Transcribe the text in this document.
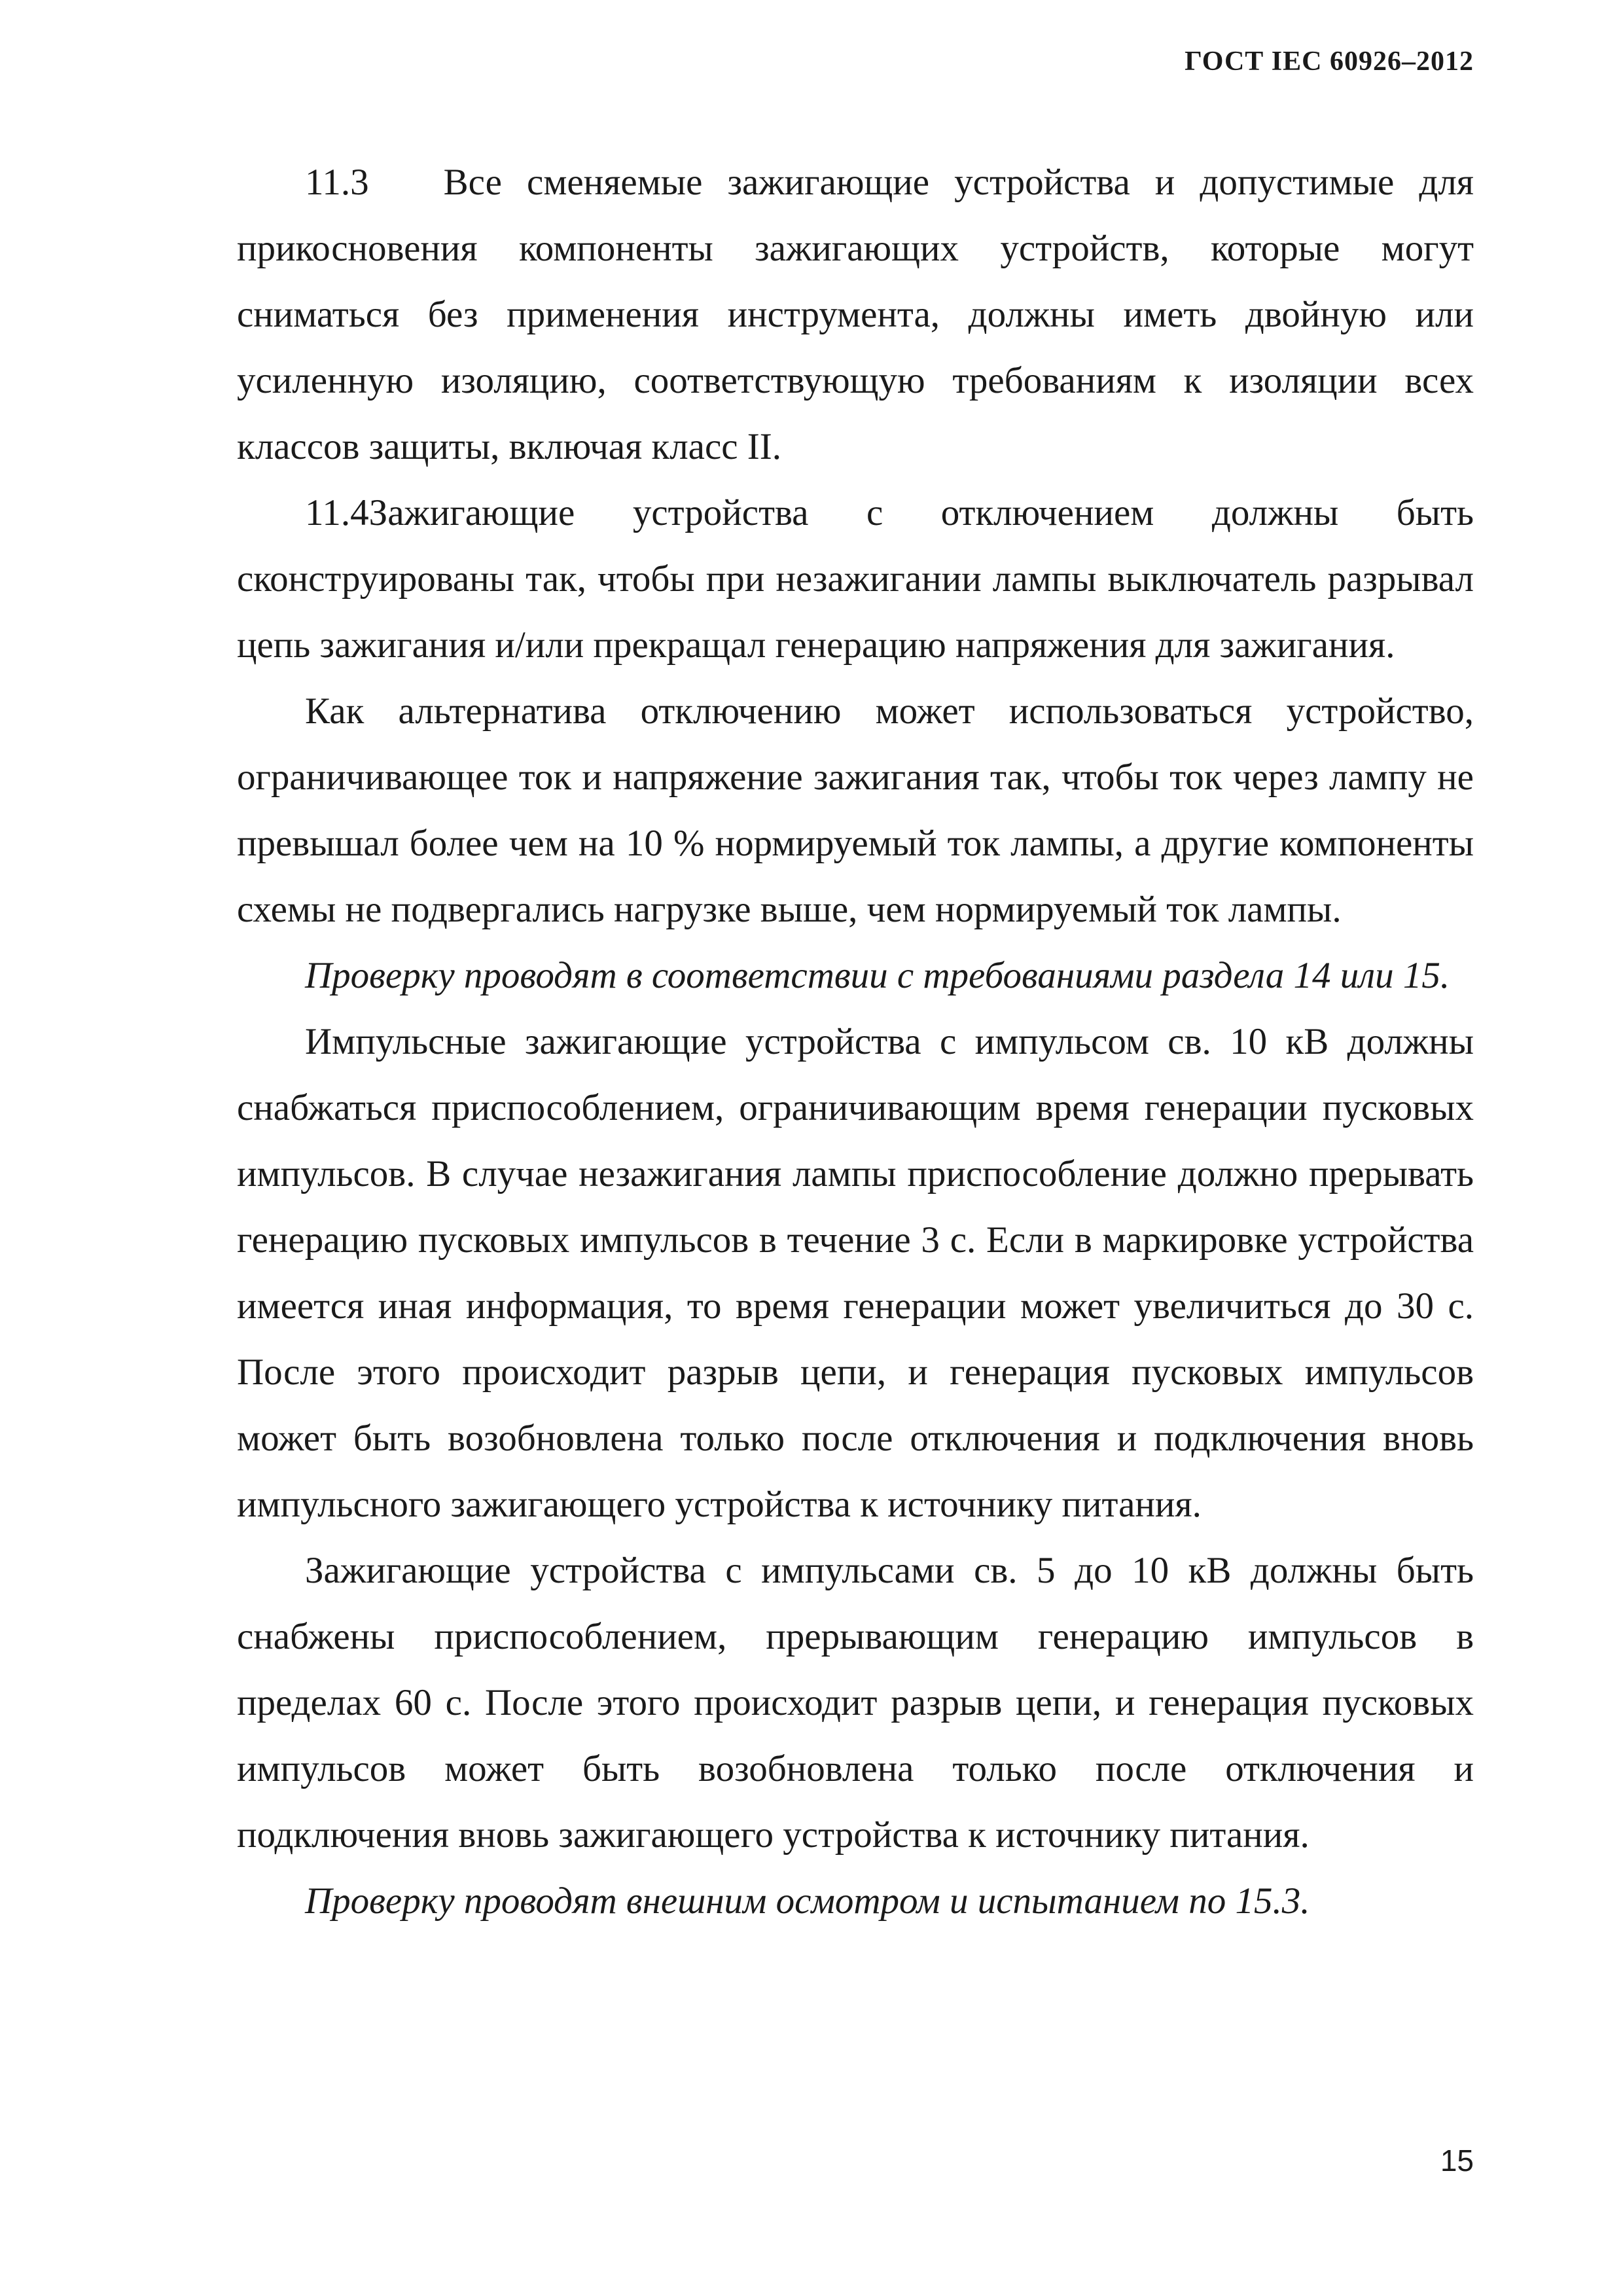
ГОСТ IEC 60926–2012

11.3  Все сменяемые зажигающие устройства и допустимые для прикосновения компоненты зажигающих устройств, которые могут сниматься без применения инструмента, должны иметь двойную или усиленную изоляцию, соответствующую требованиям к изоляции всех классов защиты, включая класс II.

11.4Зажигающие устройства с отключением должны быть сконструированы так, чтобы при незажигании лампы выключатель разрывал цепь зажигания и/или прекращал генерацию напряжения для зажигания.

Как альтернатива отключению может использоваться устройство, ограничивающее ток и напряжение зажигания так, чтобы ток через лампу не превышал более чем на 10 % нормируемый ток лампы, а другие компоненты схемы не подвергались нагрузке выше, чем нормируемый ток лампы.

Проверку проводят в соответствии с требованиями раздела 14 или 15.

Импульсные зажигающие устройства с импульсом св. 10 кВ должны снабжаться приспособлением, ограничивающим время генерации пусковых импульсов. В случае незажигания лампы приспособление должно прерывать генерацию пусковых импульсов в течение 3 с. Если в маркировке устройства имеется иная информация, то время генерации может увеличиться до 30 с. После этого происходит разрыв цепи, и генерация пусковых импульсов может быть возобновлена только после отключения и подключения вновь импульсного зажигающего устройства к источнику питания.

Зажигающие устройства с импульсами св. 5 до 10 кВ должны быть снабжены приспособлением, прерывающим генерацию импульсов в пределах 60 с. После этого происходит разрыв цепи, и генерация пусковых импульсов может быть возобновлена только после отключения и подключения вновь зажигающего устройства к источнику питания.

Проверку проводят внешним осмотром и испытанием по 15.3.

15
